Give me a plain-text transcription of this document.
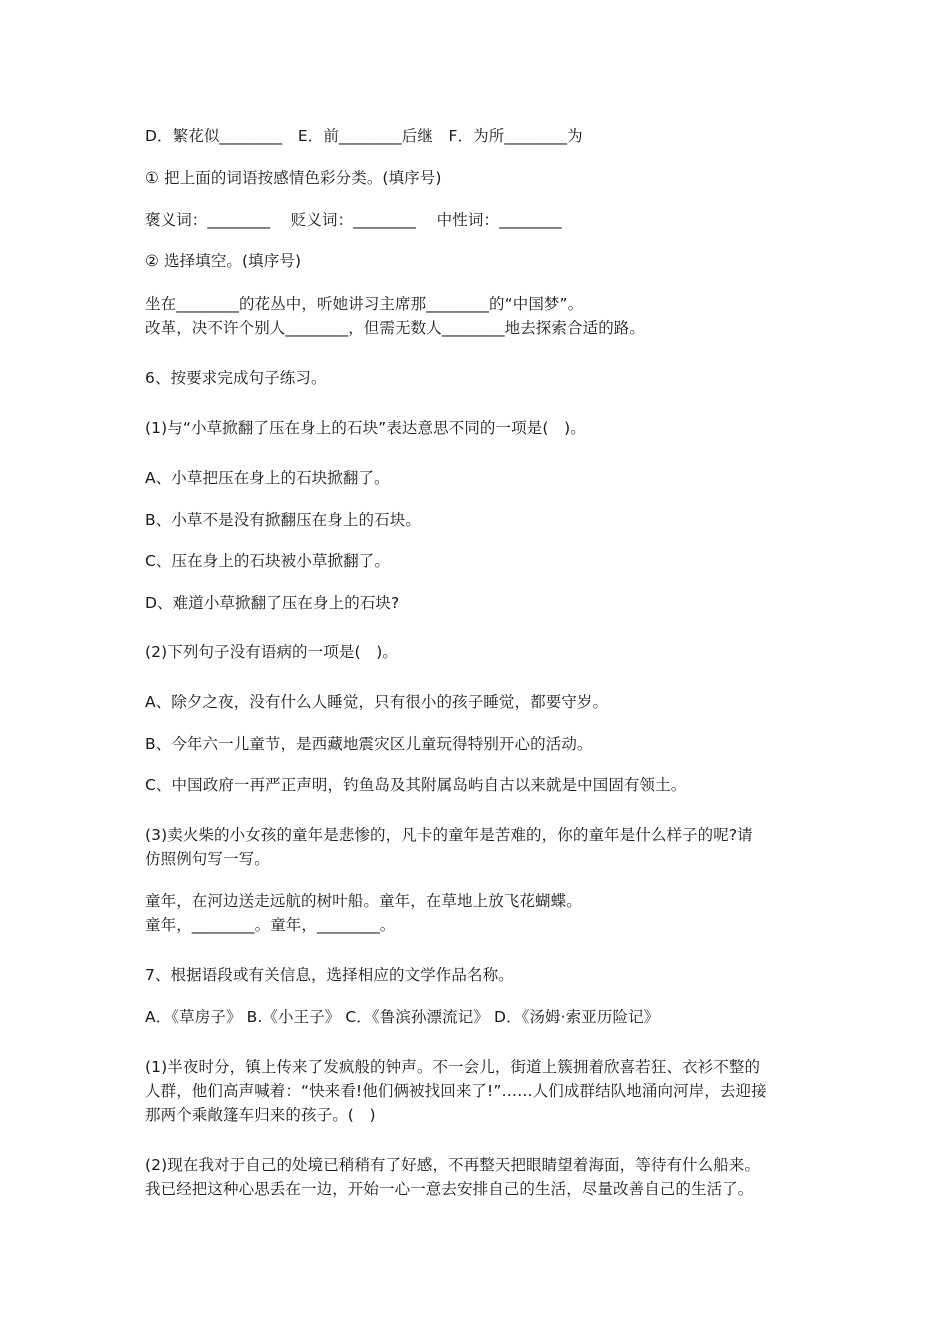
D．繁花似________　E．前________后继　F．为所________为
① 把上面的词语按感情色彩分类。(填序号)
褒义词：________　 贬义词：________　 中性词：________
② 选择填空。(填序号)
坐在________的花丛中，听她讲习主席那________的“中国梦”。
改革，决不许个别人________，但需无数人________地去探索合适的路。
6、按要求完成句子练习。
(1)与“小草掀翻了压在身上的石块”表达意思不同的一项是(　)。
A、小草把压在身上的石块掀翻了。
B、小草不是没有掀翻压在身上的石块。
C、压在身上的石块被小草掀翻了。
D、难道小草掀翻了压在身上的石块?
(2)下列句子没有语病的一项是(　)。
A、除夕之夜，没有什么人睡觉，只有很小的孩子睡觉，都要守岁。
B、今年六一儿童节，是西藏地震灾区儿童玩得特别开心的活动。
C、中国政府一再严正声明，钓鱼岛及其附属岛屿自古以来就是中国固有领土。
(3)卖火柴的小女孩的童年是悲惨的，凡卡的童年是苦难的，你的童年是什么样子的呢?请
仿照例句写一写。
童年，在河边送走远航的树叶船。童年，在草地上放飞花蝴蝶。
童年，________。童年，________。
7、根据语段或有关信息，选择相应的文学作品名称。
A．《草房子》 B.《小王子》 C．《鲁滨孙漂流记》 D．《汤姆·索亚历险记》
(1)半夜时分，镇上传来了发疯般的钟声。不一会儿，街道上簇拥着欣喜若狂、衣衫不整的
人群，他们高声喊着：“快来看!他们俩被找回来了!”……人们成群结队地涌向河岸，去迎接
那两个乘敞篷车归来的孩子。(　)
(2)现在我对于自己的处境已稍稍有了好感，不再整天把眼睛望着海面，等待有什么船来。
我已经把这种心思丢在一边，开始一心一意去安排自己的生活，尽量改善自己的生活了。
